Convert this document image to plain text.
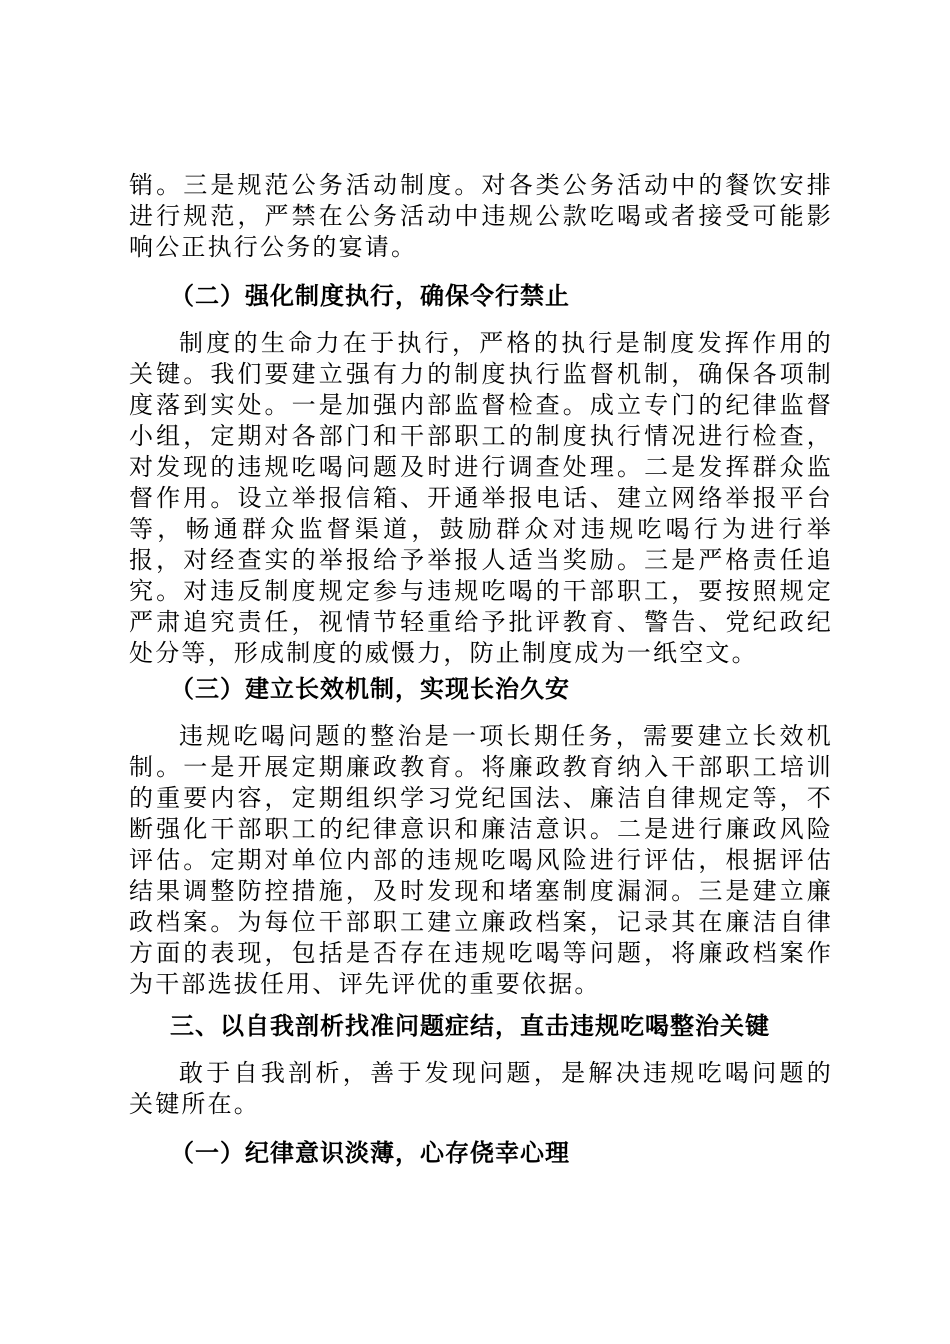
销。三是规范公务活动制度。对各类公务活动中的餐饮安排进行规范，严禁在公务活动中违规公款吃喝或者接受可能影响公正执行公务的宴请。

（二）强化制度执行，确保令行禁止

制度的生命力在于执行，严格的执行是制度发挥作用的关键。我们要建立强有力的制度执行监督机制，确保各项制度落到实处。一是加强内部监督检查。成立专门的纪律监督小组，定期对各部门和干部职工的制度执行情况进行检查，对发现的违规吃喝问题及时进行调查处理。二是发挥群众监督作用。设立举报信箱、开通举报电话、建立网络举报平台等，畅通群众监督渠道，鼓励群众对违规吃喝行为进行举报，对经查实的举报给予举报人适当奖励。三是严格责任追究。对违反制度规定参与违规吃喝的干部职工，要按照规定严肃追究责任，视情节轻重给予批评教育、警告、党纪政纪处分等，形成制度的威慑力，防止制度成为一纸空文。

（三）建立长效机制，实现长治久安

违规吃喝问题的整治是一项长期任务，需要建立长效机制。一是开展定期廉政教育。将廉政教育纳入干部职工培训的重要内容，定期组织学习党纪国法、廉洁自律规定等，不断强化干部职工的纪律意识和廉洁意识。二是进行廉政风险评估。定期对单位内部的违规吃喝风险进行评估，根据评估结果调整防控措施，及时发现和堵塞制度漏洞。三是建立廉政档案。为每位干部职工建立廉政档案，记录其在廉洁自律方面的表现，包括是否存在违规吃喝等问题，将廉政档案作为干部选拔任用、评先评优的重要依据。

三、以自我剖析找准问题症结，直击违规吃喝整治关键

敢于自我剖析，善于发现问题，是解决违规吃喝问题的关键所在。

（一）纪律意识淡薄，心存侥幸心理
